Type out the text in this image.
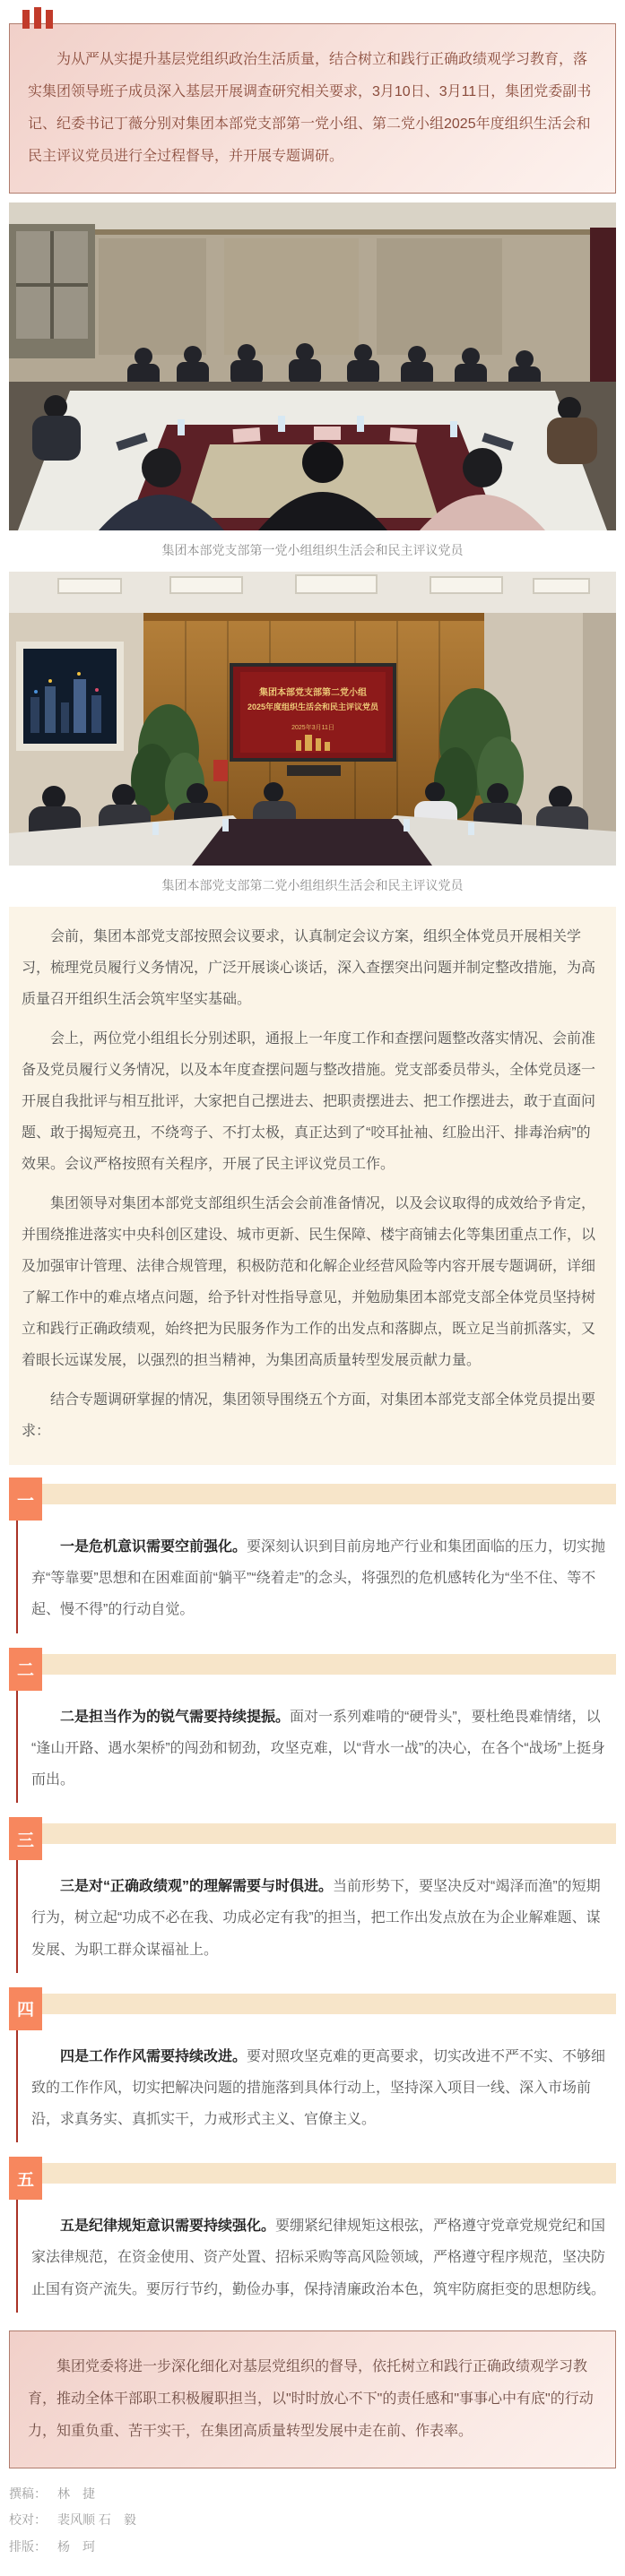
为从严从实提升基层党组织政治生活质量，结合树立和践行正确政绩观学习教育，落实集团领导班子成员深入基层开展调查研究相关要求，3月10日、3月11日，集团党委副书记、纪委书记丁薇分别对集团本部党支部第一党小组、第二党小组2025年度组织生活会和民主评议党员进行全过程督导，并开展专题调研。

集团本部党支部第一党小组组织生活会和民主评议党员
集团本部党支部第二党小组
2025年度组织生活会和民主评议党员
2025年3月11日
集团本部党支部第二党小组组织生活会和民主评议党员

会前，集团本部党支部按照会议要求，认真制定会议方案，组织全体党员开展相关学习，梳理党员履行义务情况，广泛开展谈心谈话，深入查摆突出问题并制定整改措施，为高质量召开组织生活会筑牢坚实基础。

会上，两位党小组组长分别述职，通报上一年度工作和查摆问题整改落实情况、会前准备及党员履行义务情况，以及本年度查摆问题与整改措施。党支部委员带头，全体党员逐一开展自我批评与相互批评，大家把自己摆进去、把职责摆进去、把工作摆进去，敢于直面问题、敢于揭短亮丑，不绕弯子、不打太极，真正达到了“咬耳扯袖、红脸出汗、排毒治病”的效果。会议严格按照有关程序，开展了民主评议党员工作。

集团领导对集团本部党支部组织生活会会前准备情况，以及会议取得的成效给予肯定，并围绕推进落实中央科创区建设、城市更新、民生保障、楼宇商铺去化等集团重点工作，以及加强审计管理、法律合规管理，积极防范和化解企业经营风险等内容开展专题调研，详细了解工作中的难点堵点问题，给予针对性指导意见，并勉励集团本部党支部全体党员坚持树立和践行正确政绩观，始终把为民服务作为工作的出发点和落脚点，既立足当前抓落实，又着眼长远谋发展，以强烈的担当精神，为集团高质量转型发展贡献力量。

结合专题调研掌握的情况，集团领导围绕五个方面，对集团本部党支部全体党员提出要求：

一

一是危机意识需要空前强化。要深刻认识到目前房地产行业和集团面临的压力，切实抛弃“等靠要”思想和在困难面前“躺平”“绕着走”的念头，将强烈的危机感转化为“坐不住、等不起、慢不得”的行动自觉。

二

二是担当作为的锐气需要持续提振。面对一系列难啃的“硬骨头”，要杜绝畏难情绪，以“逢山开路、遇水架桥”的闯劲和韧劲，攻坚克难，以“背水一战”的决心，在各个“战场”上挺身而出。

三

三是对“正确政绩观”的理解需要与时俱进。当前形势下，要坚决反对“竭泽而渔”的短期行为，树立起“功成不必在我、功成必定有我”的担当，把工作出发点放在为企业解难题、谋发展、为职工群众谋福祉上。

四

四是工作作风需要持续改进。要对照攻坚克难的更高要求，切实改进不严不实、不够细致的工作作风，切实把解决问题的措施落到具体行动上，坚持深入项目一线、深入市场前沿，求真务实、真抓实干，力戒形式主义、官僚主义。

五

五是纪律规矩意识需要持续强化。要绷紧纪律规矩这根弦，严格遵守党章党规党纪和国家法律规范，在资金使用、资产处置、招标采购等高风险领域，严格遵守程序规范，坚决防止国有资产流失。要厉行节约，勤俭办事，保持清廉政治本色，筑牢防腐拒变的思想防线。

集团党委将进一步深化细化对基层党组织的督导，依托树立和践行正确政绩观学习教育，推动全体干部职工积极履职担当，以"时时放心不下"的责任感和"事事心中有底"的行动力，知重负重、苦干实干，在集团高质量转型发展中走在前、作表率。

撰稿： 林　捷
校对： 裴风顺 石　毅
排版： 杨　珂
